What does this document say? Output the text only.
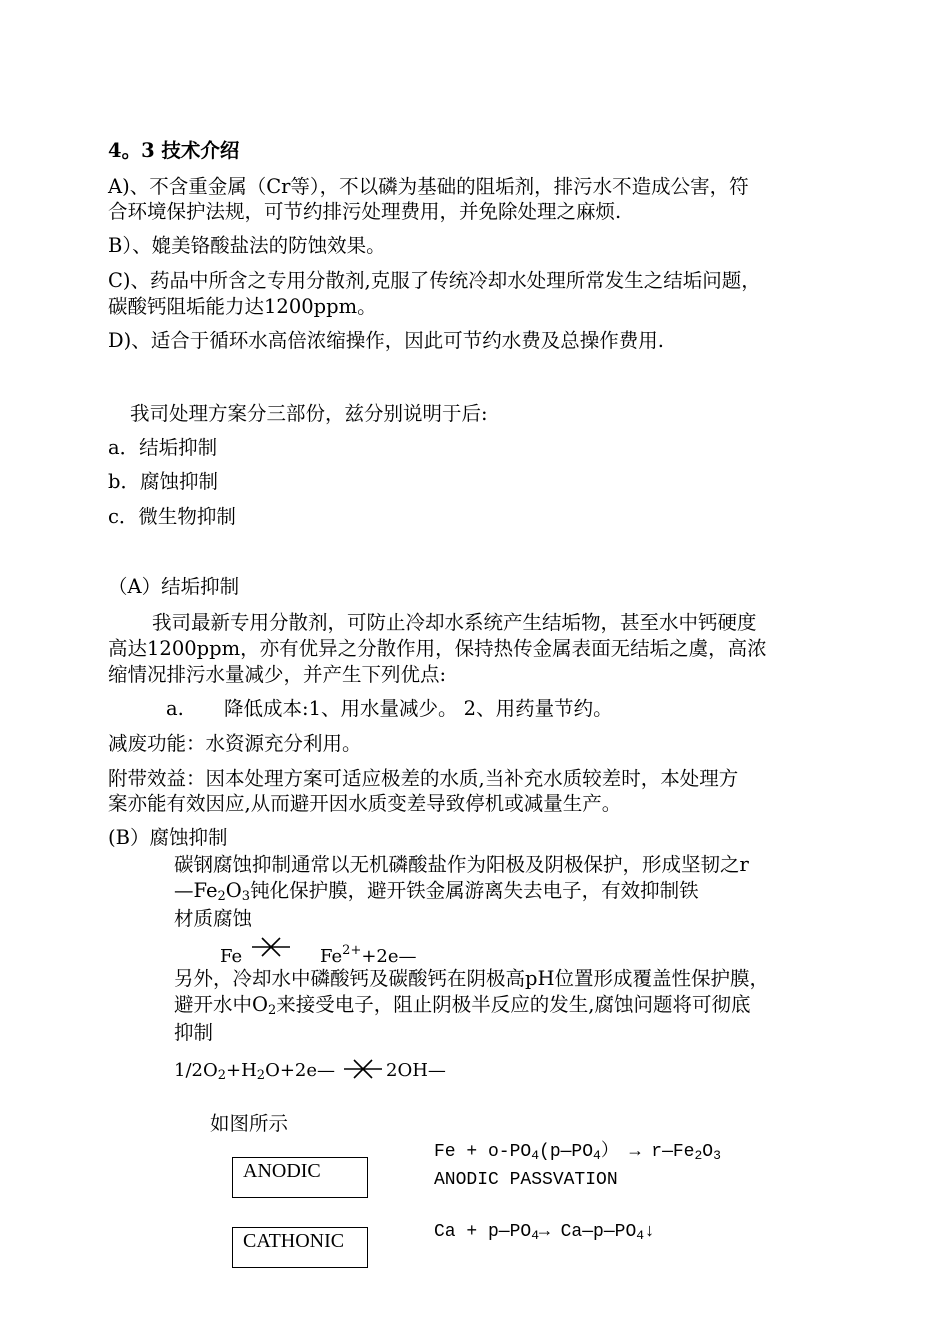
4。3 技术介绍
A)、不含重金属（Cr等），不以磷为基础的阻垢剂，排污水不造成公害，符
合环境保护法规，可节约排污处理费用，并免除处理之麻烦.
B）、媲美铬酸盐法的防蚀效果。
C)、药品中所含之专用分散剂,克服了传统冷却水处理所常发生之结垢问题，
碳酸钙阻垢能力达1200ppm。
D)、适合于循环水高倍浓缩操作，因此可节约水费及总操作费用.
我司处理方案分三部份，兹分别说明于后:
a．结垢抑制
b．腐蚀抑制
c．微生物抑制
（A）结垢抑制
我司最新专用分散剂，可防止冷却水系统产生结垢物，甚至水中钙硬度
高达1200ppm，亦有优异之分散作用，保持热传金属表面无结垢之虞，高浓
缩情况排污水量减少，并产生下列优点:
a. 降低成本:1、用水量减少。 2、用药量节约。
减废功能：水资源充分利用。
附带效益：因本处理方案可适应极差的水质,当补充水质较差时，本处理方
案亦能有效因应,从而避开因水质变差导致停机或减量生产。
(B）腐蚀抑制
碳钢腐蚀抑制通常以无机磷酸盐作为阳极及阴极保护，形成坚韧之r
$—Fe_2O_3$钝化保护膜，避开铁金属游离失去电子，有效抑制铁
材质腐蚀
Fe	$Fe^{2+}+2e—$
另外，冷却水中磷酸钙及碳酸钙在阴极高pH位置形成覆盖性保护膜，
避开水中$O_2$来接受电子，阻止阴极半反应的发生,腐蚀问题将可彻底
抑制
$1/2O_2+H_2O+2e—$	2OH—
如图所示
ANODIC
$Fe + o-PO_4(p—PO_4)$ → $r—Fe_2O_3$
ANODIC PASSVATION
CATHONIC	$Ca + p—PO_4\to$ $Ca—p—PO_4↓$
